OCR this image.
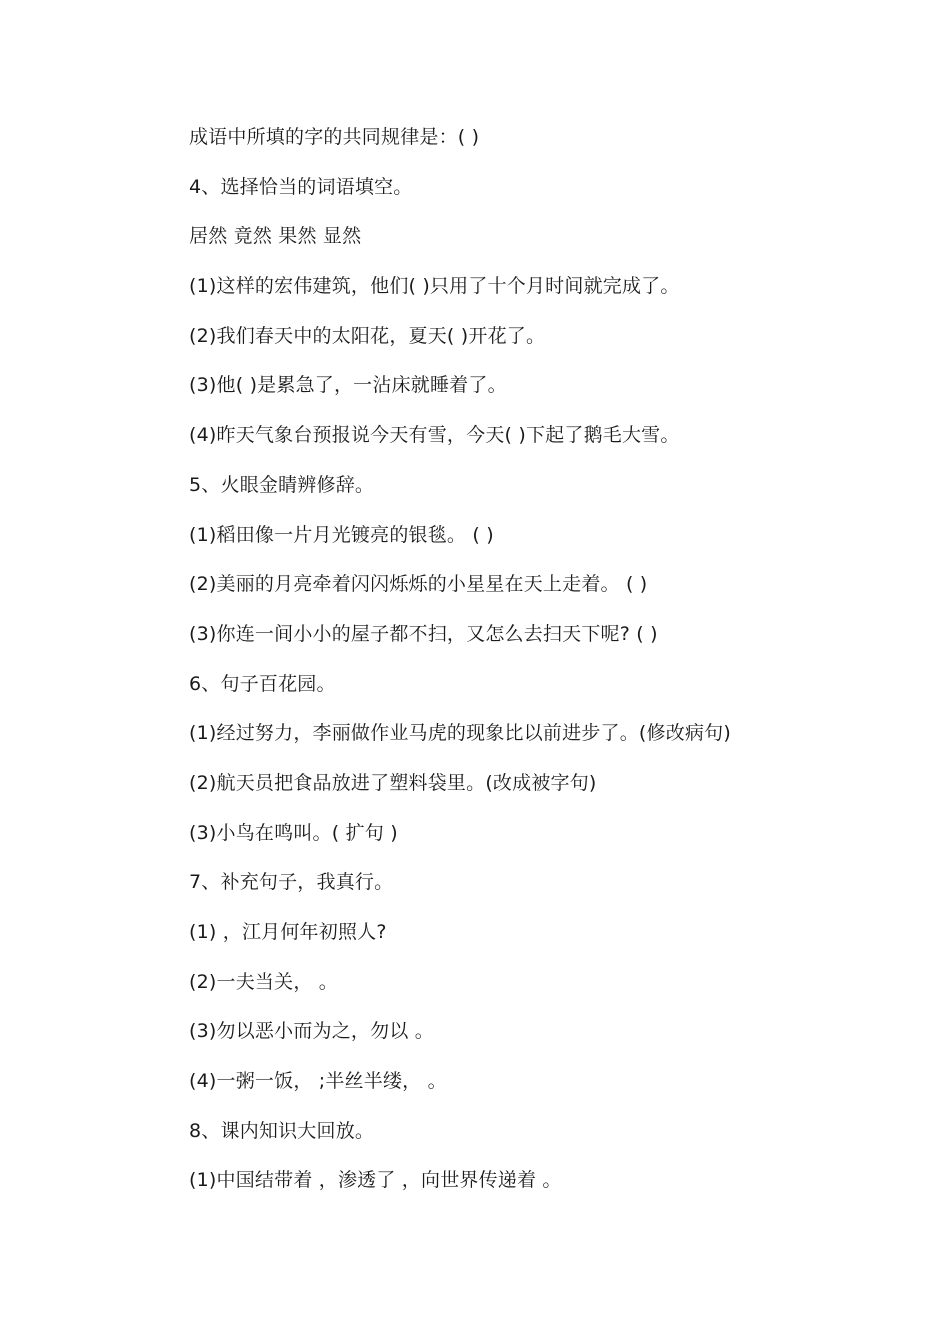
成语中所填的字的共同规律是：( )
4、选择恰当的词语填空。
居然 竟然 果然 显然
(1)这样的宏伟建筑，他们( )只用了十个月时间就完成了。
(2)我们春天中的太阳花，夏天( )开花了。
(3)他( )是累急了，一沾床就睡着了。
(4)昨天气象台预报说今天有雪，今天( )下起了鹅毛大雪。
5、火眼金睛辨修辞。
(1)稻田像一片月光镀亮的银毯。 ( )
(2)美丽的月亮牵着闪闪烁烁的小星星在天上走着。 ( )
(3)你连一间小小的屋子都不扫，又怎么去扫天下呢? ( )
6、句子百花园。
(1)经过努力，李丽做作业马虎的现象比以前进步了。(修改病句)
(2)航天员把食品放进了塑料袋里。(改成被字句)
(3)小鸟在鸣叫。( 扩句 )
7、补充句子，我真行。
(1) ，江月何年初照人?
(2)一夫当关， 。
(3)勿以恶小而为之，勿以 。
(4)一粥一饭， ;半丝半缕， 。
8、课内知识大回放。
(1)中国结带着 ，渗透了 ，向世界传递着 。
